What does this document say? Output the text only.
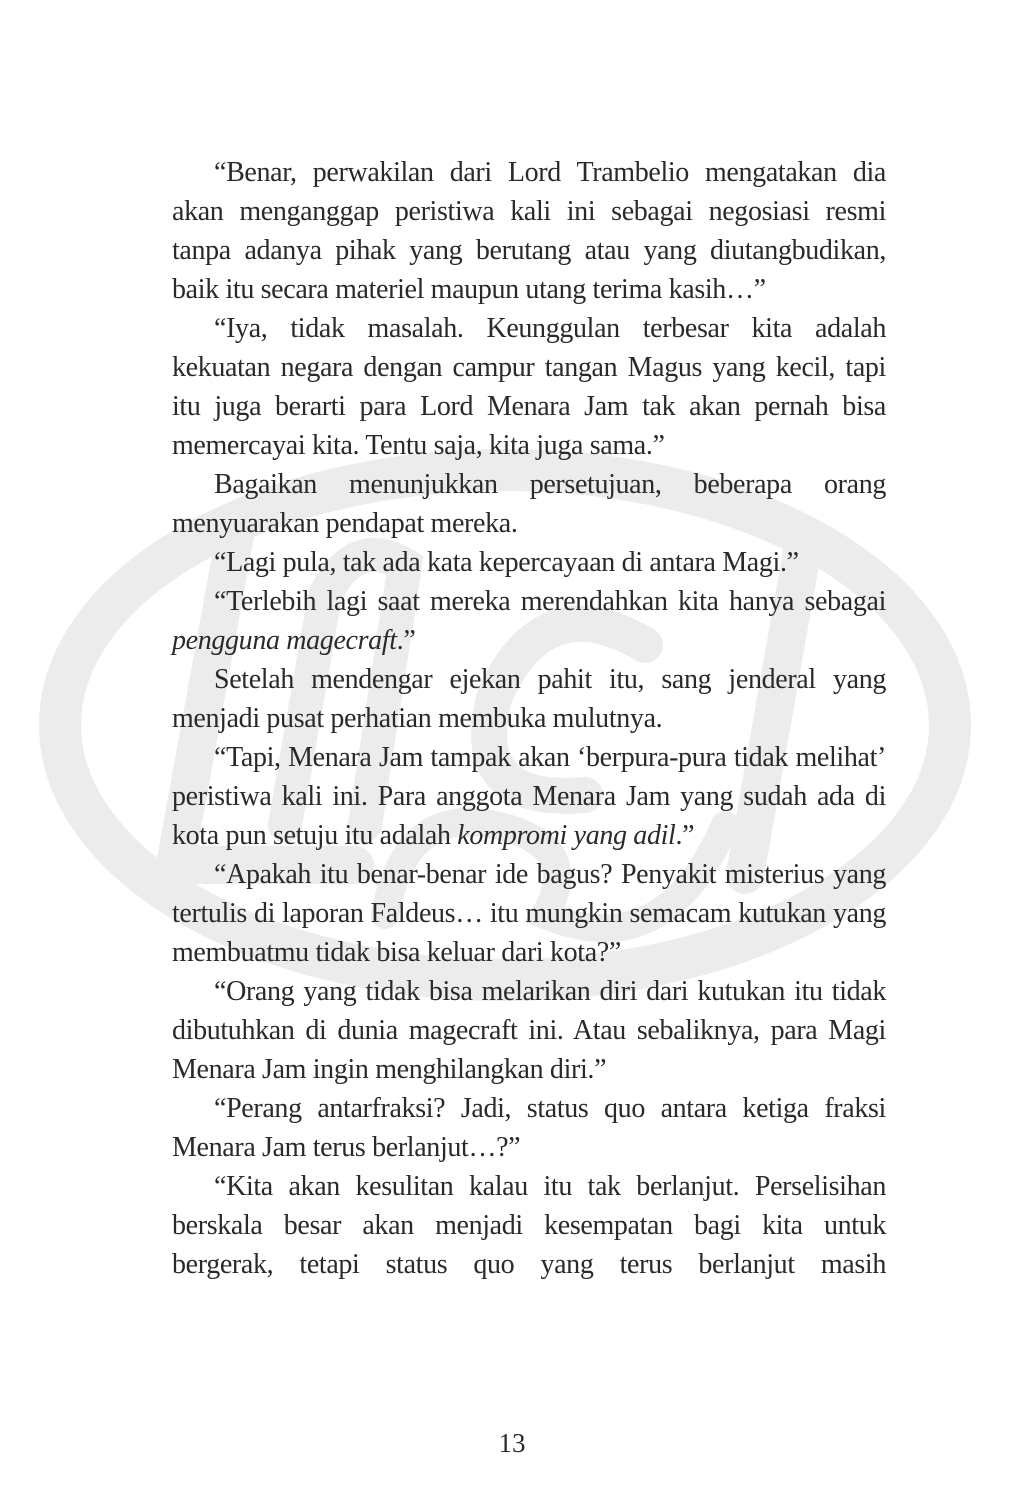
“Benar, perwakilan dari Lord Trambelio mengatakan dia akan menganggap peristiwa kali ini sebagai negosiasi resmi tanpa adanya pihak yang berutang atau yang diutangbudikan, baik itu secara materiel maupun utang terima kasih…”

“Iya, tidak masalah. Keunggulan terbesar kita adalah kekuatan negara dengan campur tangan Magus yang kecil, tapi itu juga berarti para Lord Menara Jam tak akan pernah bisa memercayai kita. Tentu saja, kita juga sama.”

Bagaikan menunjukkan persetujuan, beberapa orang menyuarakan pendapat mereka.

“Lagi pula, tak ada kata kepercayaan di antara Magi.”

“Terlebih lagi saat mereka merendahkan kita hanya sebagai pengguna magecraft.”

Setelah mendengar ejekan pahit itu, sang jenderal yang menjadi pusat perhatian membuka mulutnya.

“Tapi, Menara Jam tampak akan ‘berpura-pura tidak melihat’ peristiwa kali ini. Para anggota Menara Jam yang sudah ada di kota pun setuju itu adalah kompromi yang adil.”

“Apakah itu benar-benar ide bagus? Penyakit misterius yang tertulis di laporan Faldeus… itu mungkin semacam kutukan yang membuatmu tidak bisa keluar dari kota?”

“Orang yang tidak bisa melarikan diri dari kutukan itu tidak dibutuhkan di dunia magecraft ini. Atau sebaliknya, para Magi Menara Jam ingin menghilangkan diri.”

“Perang antarfraksi? Jadi, status quo antara ketiga fraksi Menara Jam terus berlanjut…?”

“Kita akan kesulitan kalau itu tak berlanjut. Perselisihan berskala besar akan menjadi kesempatan bagi kita untuk bergerak, tetapi status quo yang terus berlanjut masih

13
